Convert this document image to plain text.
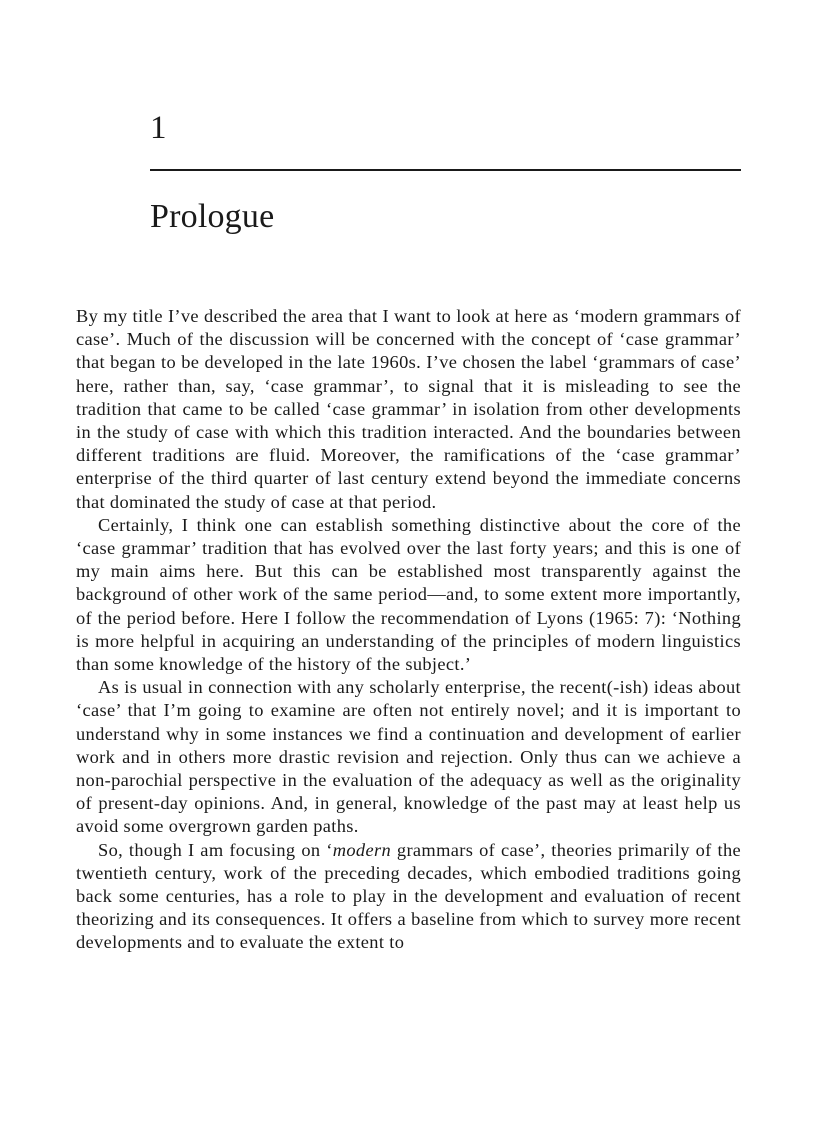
1
Prologue

By my title I’ve described the area that I want to look at here as ‘modern grammars of case’. Much of the discussion will be concerned with the concept of ‘case grammar’ that began to be developed in the late 1960s. I’ve chosen the label ‘grammars of case’ here, rather than, say, ‘case grammar’, to signal that it is misleading to see the tradition that came to be called ‘case grammar’ in isolation from other developments in the study of case with which this tradition interacted. And the boundaries between different traditions are fluid. Moreover, the ramifications of the ‘case grammar’ enterprise of the third quarter of last century extend beyond the immediate concerns that dominated the study of case at that period.

Certainly, I think one can establish something distinctive about the core of the ‘case grammar’ tradition that has evolved over the last forty years; and this is one of my main aims here. But this can be established most transparently against the background of other work of the same period—and, to some extent more importantly, of the period before. Here I follow the recommendation of Lyons (1965: 7): ‘Nothing is more helpful in acquiring an understanding of the principles of modern linguistics than some knowledge of the history of the subject.’

As is usual in connection with any scholarly enterprise, the recent(-ish) ideas about ‘case’ that I’m going to examine are often not entirely novel; and it is important to understand why in some instances we find a continuation and development of earlier work and in others more drastic revision and rejection. Only thus can we achieve a non-parochial perspective in the evaluation of the adequacy as well as the originality of present-day opinions. And, in general, knowledge of the past may at least help us avoid some overgrown garden paths.

So, though I am focusing on ‘modern grammars of case’, theories primarily of the twentieth century, work of the preceding decades, which embodied traditions going back some centuries, has a role to play in the development and evaluation of recent theorizing and its consequences. It offers a baseline from which to survey more recent developments and to evaluate the extent to
